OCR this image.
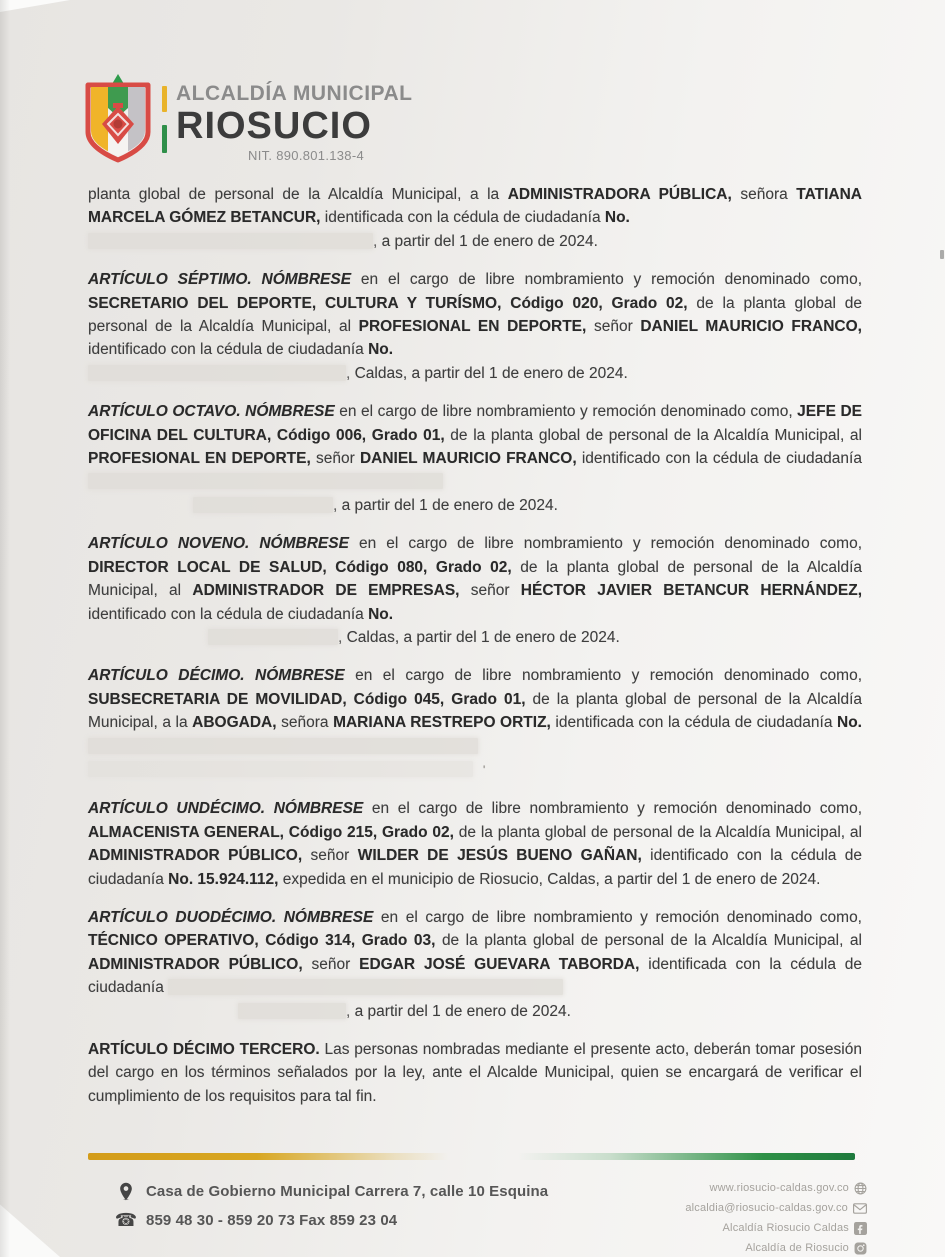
ALCALDÍA MUNICIPAL
RIOSUCIO
NIT. 890.801.138-4

planta global de personal de la Alcaldía Municipal, a la ADMINISTRADORA PÚBLICA, señora TATIANA MARCELA GÓMEZ BETANCUR, identificada con la cédula de ciudadanía No.

, a partir del 1 de enero de 2024.

ARTÍCULO SÉPTIMO. NÓMBRESE en el cargo de libre nombramiento y remoción denominado como, SECRETARIO DEL DEPORTE, CULTURA Y TURÍSMO, Código 020, Grado 02, de la planta global de personal de la Alcaldía Municipal, al PROFESIONAL EN DEPORTE, señor DANIEL MAURICIO FRANCO, identificado con la cédula de ciudadanía No.

, Caldas, a partir del 1 de enero de 2024.

ARTÍCULO OCTAVO. NÓMBRESE en el cargo de libre nombramiento y remoción denominado como, JEFE DE OFICINA DEL CULTURA, Código 006, Grado 01, de la planta global de personal de la Alcaldía Municipal, al PROFESIONAL EN DEPORTE, señor DANIEL MAURICIO FRANCO, identificado con la cédula de ciudadanía

, a partir del 1 de enero de 2024.

ARTÍCULO NOVENO. NÓMBRESE en el cargo de libre nombramiento y remoción denominado como, DIRECTOR LOCAL DE SALUD, Código 080, Grado 02, de la planta global de personal de la Alcaldía Municipal, al ADMINISTRADOR DE EMPRESAS, señor HÉCTOR JAVIER BETANCUR HERNÁNDEZ, identificado con la cédula de ciudadanía No.

, Caldas, a partir del 1 de enero de 2024.

ARTÍCULO DÉCIMO. NÓMBRESE en el cargo de libre nombramiento y remoción denominado como, SUBSECRETARIA DE MOVILIDAD, Código 045, Grado 01, de la planta global de personal de la Alcaldía Municipal, a la ABOGADA, señora MARIANA RESTREPO ORTIZ, identificada con la cédula de ciudadanía No.

'

ARTÍCULO UNDÉCIMO. NÓMBRESE en el cargo de libre nombramiento y remoción denominado como, ALMACENISTA GENERAL, Código 215, Grado 02, de la planta global de personal de la Alcaldía Municipal, al ADMINISTRADOR PÚBLICO, señor WILDER DE JESÚS BUENO GAÑAN, identificado con la cédula de ciudadanía No. 15.924.112, expedida en el municipio de Riosucio, Caldas, a partir del 1 de enero de 2024.

ARTÍCULO DUODÉCIMO. NÓMBRESE en el cargo de libre nombramiento y remoción denominado como, TÉCNICO OPERATIVO, Código 314, Grado 03, de la planta global de personal de la Alcaldía Municipal, al ADMINISTRADOR PÚBLICO, señor EDGAR JOSÉ GUEVARA TABORDA, identificada con la cédula de ciudadanía

, a partir del 1 de enero de 2024.

ARTÍCULO DÉCIMO TERCERO. Las personas nombradas mediante el presente acto, deberán tomar posesión del cargo en los términos señalados por la ley, ante el Alcalde Municipal, quien se encargará de verificar el cumplimiento de los requisitos para tal fin.

Casa de Gobierno Municipal Carrera 7, calle 10 Esquina
☎ 859 48 30 - 859 20 73 Fax 859 23 04
www.riosucio-caldas.gov.co
alcaldia@riosucio-caldas.gov.co
Alcaldía Riosucio Caldas
Alcaldía de Riosucio
